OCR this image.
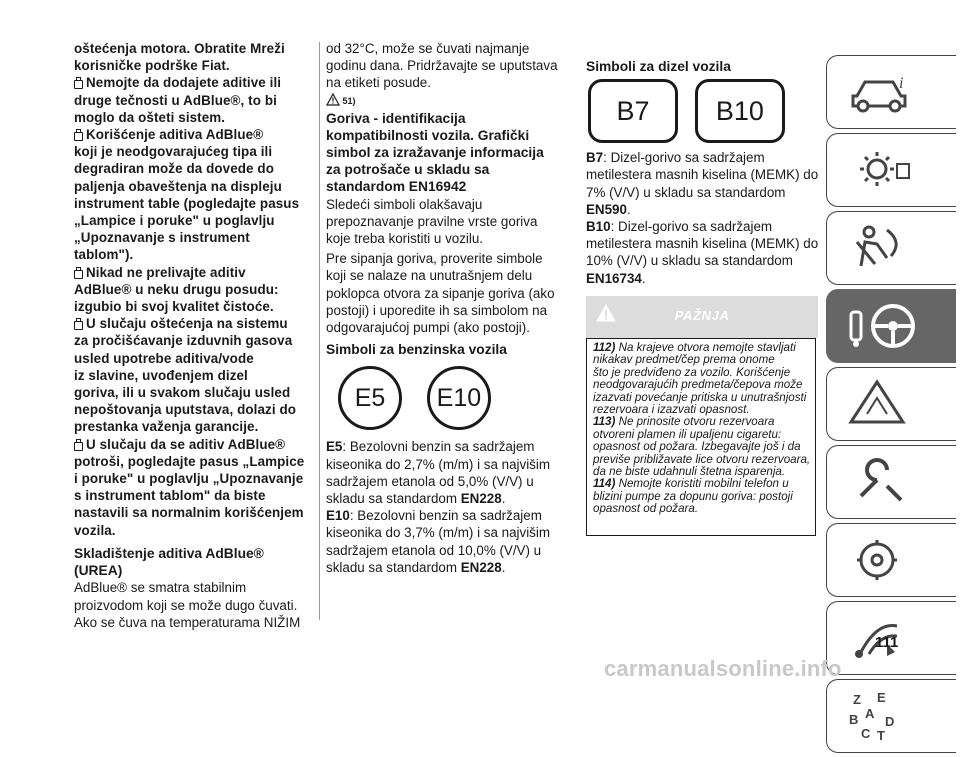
oštećenja motora. Obratite Mreži

korisničke podrške Fiat.

Nemojte da dodajete aditive ili

druge tečnosti u AdBlue®, to bi

moglo da ošteti sistem.

Korišćenje aditiva AdBlue®

koji je neodgovarajućeg tipa ili

degradiran može da dovede do

paljenja obaveštenja na displeju

instrument table (pogledajte pasus

„Lampice i poruke" u poglavlju

„Upoznavanje s instrument

tablom").

Nikad ne prelivajte aditiv

AdBlue® u neku drugu posudu:

izgubio bi svoj kvalitet čistoće.

U slučaju oštećenja na sistemu

za pročišćavanje izduvnih gasova

usled upotrebe aditiva/vode

iz slavine, uvođenjem dizel

goriva, ili u svakom slučaju usled

nepoštovanja uputstava, dolazi do

prestanka važenja garancije.

U slučaju da se aditiv AdBlue®

potroši, pogledajte pasus „Lampice

i poruke" u poglavlju „Upoznavanje

s instrument tablom" da biste

nastavili sa normalnim korišćenjem

vozila.

Skladištenje aditiva AdBlue®

(UREA)

AdBlue® se smatra stabilnim

proizvodom koji se može dugo čuvati.

Ako se čuva na temperaturama NIŽIM

od 32°C, može se čuvati najmanje

godinu dana. Pridržavajte se uputstava

na etiketi posude.

51)

Goriva - identifikacija

kompatibilnosti vozila. Grafički

simbol za izražavanje informacija

za potrošače u skladu sa

standardom EN16942

Sledeći simboli olakšavaju

prepoznavanje pravilne vrste goriva

koje treba koristiti u vozilu.

Pre sipanja goriva, proverite simbole

koji se nalaze na unutrašnjem delu

poklopca otvora za sipanje goriva (ako

postoji) i uporedite ih sa simbolom na

odgovarajućoj pumpi (ako postoji).

Simboli za benzinska vozila

E5 E10

E5: Bezolovni benzin sa sadržajem

kiseonika do 2,7% (m/m) i sa najvišim

sadržajem etanola od 5,0% (V/V) u

skladu sa standardom EN228.

E10: Bezolovni benzin sa sadržajem

kiseonika do 3,7% (m/m) i sa najvišim

sadržajem etanola od 10,0% (V/V) u

skladu sa standardom EN228.

Simboli za dizel vozila

B7 B10

B7: Dizel-gorivo sa sadržajem

metilestera masnih kiselina (MEMK) do

7% (V/V) u skladu sa standardom

EN590.

B10: Dizel-gorivo sa sadržajem

metilestera masnih kiselina (MEMK) do

10% (V/V) u skladu sa standardom

EN16734.

PAŽNJA
112) Na krajeve otvora nemojte stavljati
nikakav predmet/čep prema onome
što je predviđeno za vozilo. Korišćenje
neodgovarajućih predmeta/čepova može
izazvati povećanje pritiska u unutrašnjosti
rezervoara i izazvati opasnost.
113) Ne prinosite otvoru rezervoara
otvoreni plamen ili upaljenu cigaretu:
opasnost od požara. Izbegavajte još i da
previše približavate lice otvoru rezervoara,
da ne biste udahnuli štetna isparenja.
114) Nemojte koristiti mobilni telefon u
blizini pumpe za dopunu goriva: postoji
opasnost od požara.
i
Z E
A
B D
C T
111
carmanualsonline.info
